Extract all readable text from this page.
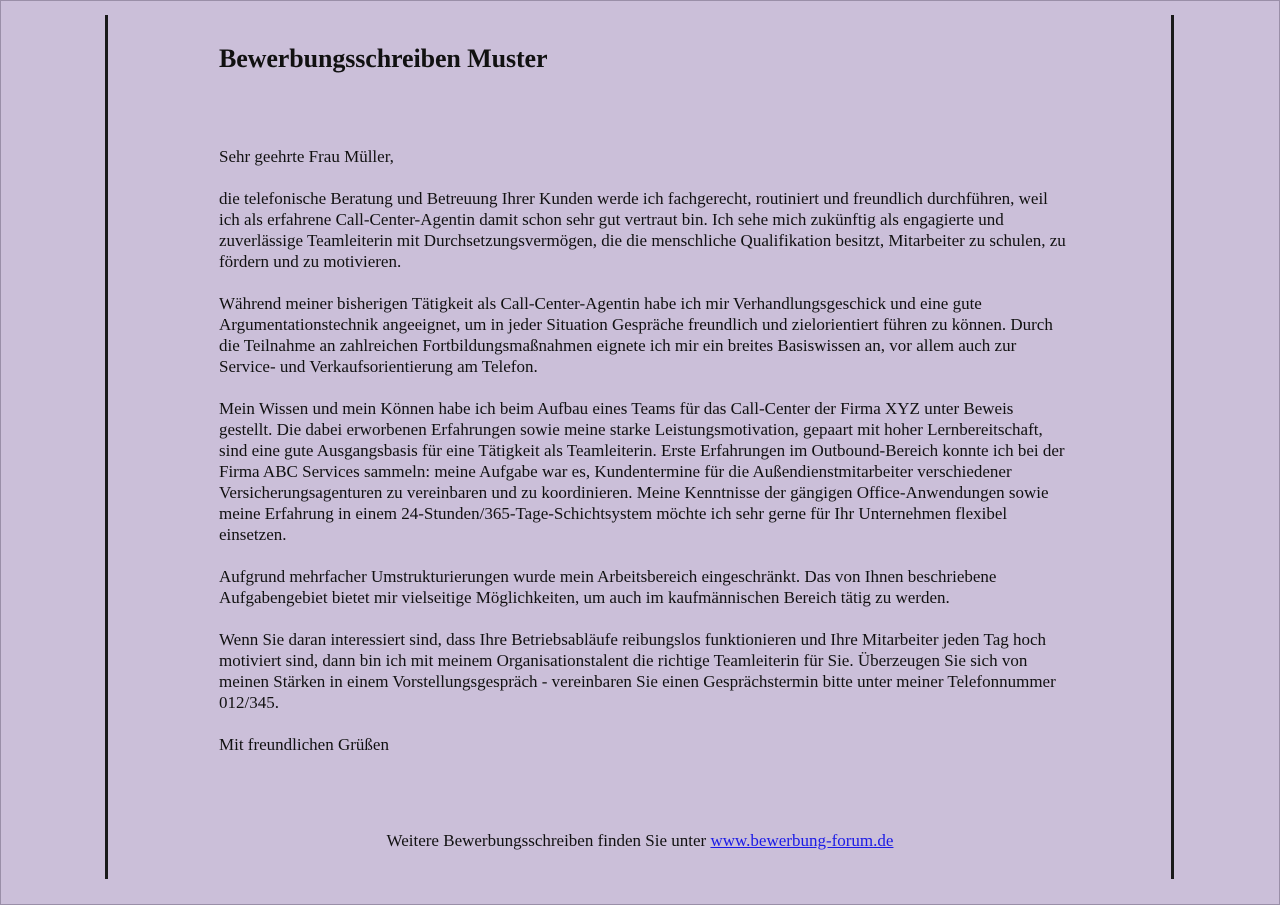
Bewerbungsschreiben Muster

Sehr geehrte Frau Müller,

die telefonische Beratung und Betreuung Ihrer Kunden werde ich fachgerecht, routiniert und freundlich durchführen, weil ich als erfahrene Call-Center-Agentin damit schon sehr gut vertraut bin. Ich sehe mich zukünftig als engagierte und zuverlässige Teamleiterin mit Durchsetzungsvermögen, die die menschliche Qualifikation besitzt, Mitarbeiter zu schulen, zu fördern und zu motivieren.

Während meiner bisherigen Tätigkeit als Call-Center-Agentin habe ich mir Verhandlungsgeschick und eine gute Argumentationstechnik angeeignet, um in jeder Situation Gespräche freundlich und zielorientiert führen zu können. Durch die Teilnahme an zahlreichen Fortbildungsmaßnahmen eignete ich mir ein breites Basiswissen an, vor allem auch zur Service- und Verkaufsorientierung am Telefon.

Mein Wissen und mein Können habe ich beim Aufbau eines Teams für das Call-Center der Firma XYZ unter Beweis gestellt. Die dabei erworbenen Erfahrungen sowie meine starke Leistungsmotivation, gepaart mit hoher Lernbereitschaft, sind eine gute Ausgangsbasis für eine Tätigkeit als Teamleiterin. Erste Erfahrungen im Outbound-Bereich konnte ich bei der Firma ABC Services sammeln: meine Aufgabe war es, Kundentermine für die Außendienstmitarbeiter verschiedener Versicherungsagenturen zu vereinbaren und zu koordinieren. Meine Kenntnisse der gängigen Office-Anwendungen sowie meine Erfahrung in einem 24-Stunden/365-Tage-Schichtsystem möchte ich sehr gerne für Ihr Unternehmen flexibel einsetzen.

Aufgrund mehrfacher Umstrukturierungen wurde mein Arbeitsbereich eingeschränkt. Das von Ihnen beschriebene Aufgabengebiet bietet mir vielseitige Möglichkeiten, um auch im kaufmännischen Bereich tätig zu werden.

Wenn Sie daran interessiert sind, dass Ihre Betriebsabläufe reibungslos funktionieren und Ihre Mitarbeiter jeden Tag hoch motiviert sind, dann bin ich mit meinem Organisationstalent die richtige Teamleiterin für Sie. Überzeugen Sie sich von meinen Stärken in einem Vorstellungsgespräch - vereinbaren Sie einen Gesprächstermin bitte unter meiner Telefonnummer 012/345.

Mit freundlichen Grüßen

Weitere Bewerbungsschreiben finden Sie unter www.bewerbung-forum.de
